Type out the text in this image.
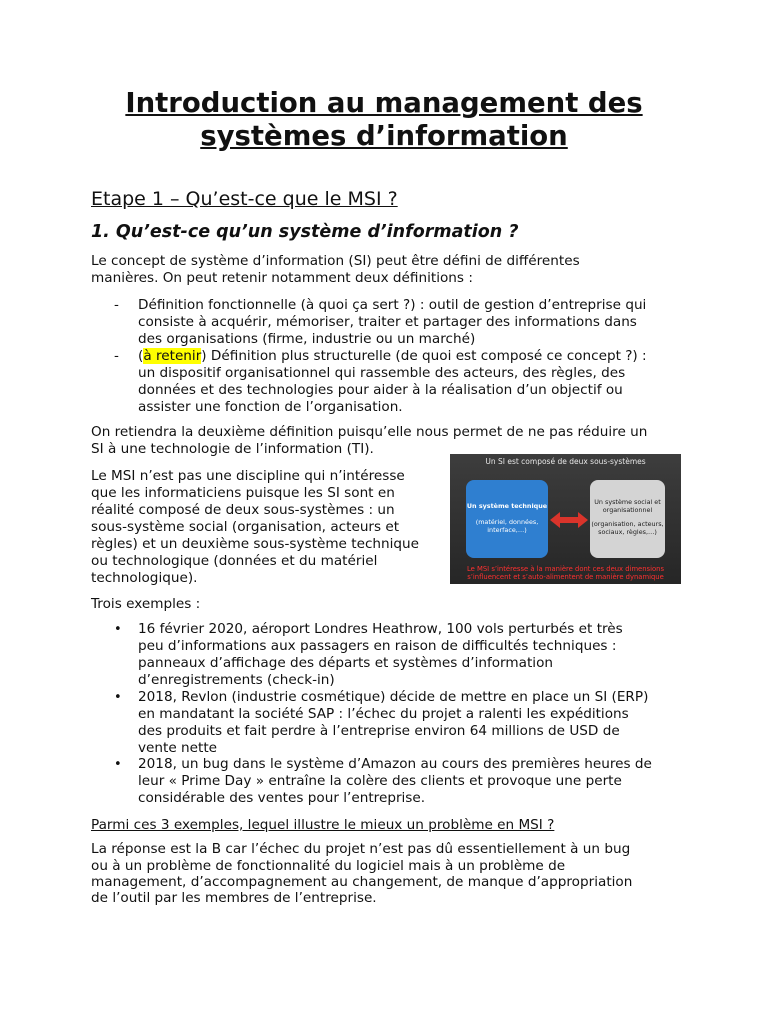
Introduction au management des
systèmes d’information
Etape 1 – Qu’est-ce que le MSI ?
1. Qu’est-ce qu’un système d’information ?
Le concept de système d’information (SI) peut être défini de différentes
manières. On peut retenir notamment deux définitions :
- Définition fonctionnelle (à quoi ça sert ?) : outil de gestion d’entreprise qui
consiste à acquérir, mémoriser, traiter et partager des informations dans
des organisations (firme, industrie ou un marché)
- (à retenir) Définition plus structurelle (de quoi est composé ce concept ?) :
un dispositif organisationnel qui rassemble des acteurs, des règles, des
données et des technologies pour aider à la réalisation d’un objectif ou
assister une fonction de l’organisation.
On retiendra la deuxième définition puisqu’elle nous permet de ne pas réduire un
SI à une technologie de l’information (TI).
Le MSI n’est pas une discipline qui n’intéresse
que les informaticiens puisque les SI sont en
réalité composé de deux sous-systèmes : un
sous-système social (organisation, acteurs et
règles) et un deuxième sous-système technique
ou technologique (données et du matériel
technologique).
Un SI est composé de deux sous-systèmes
Un système technique
(matériel, données,
interface,…)
Un système social et
organisationnel
(organisation, acteurs,
sociaux, règles,…)
Le MSI s’intéresse à la manière dont ces deux dimensions
s’influencent et s’auto-alimentent de manière dynamique
Trois exemples :
• 16 février 2020, aéroport Londres Heathrow, 100 vols perturbés et très
peu d’informations aux passagers en raison de difficultés techniques :
panneaux d’affichage des départs et systèmes d’information
d’enregistrements (check-in)
• 2018, Revlon (industrie cosmétique) décide de mettre en place un SI (ERP)
en mandatant la société SAP : l’échec du projet a ralenti les expéditions
des produits et fait perdre à l’entreprise environ 64 millions de USD de
vente nette
• 2018, un bug dans le système d’Amazon au cours des premières heures de
leur « Prime Day » entraîne la colère des clients et provoque une perte
considérable des ventes pour l’entreprise.
Parmi ces 3 exemples, lequel illustre le mieux un problème en MSI ?
La réponse est la B car l’échec du projet n’est pas dû essentiellement à un bug
ou à un problème de fonctionnalité du logiciel mais à un problème de
management, d’accompagnement au changement, de manque d’appropriation
de l’outil par les membres de l’entreprise.
